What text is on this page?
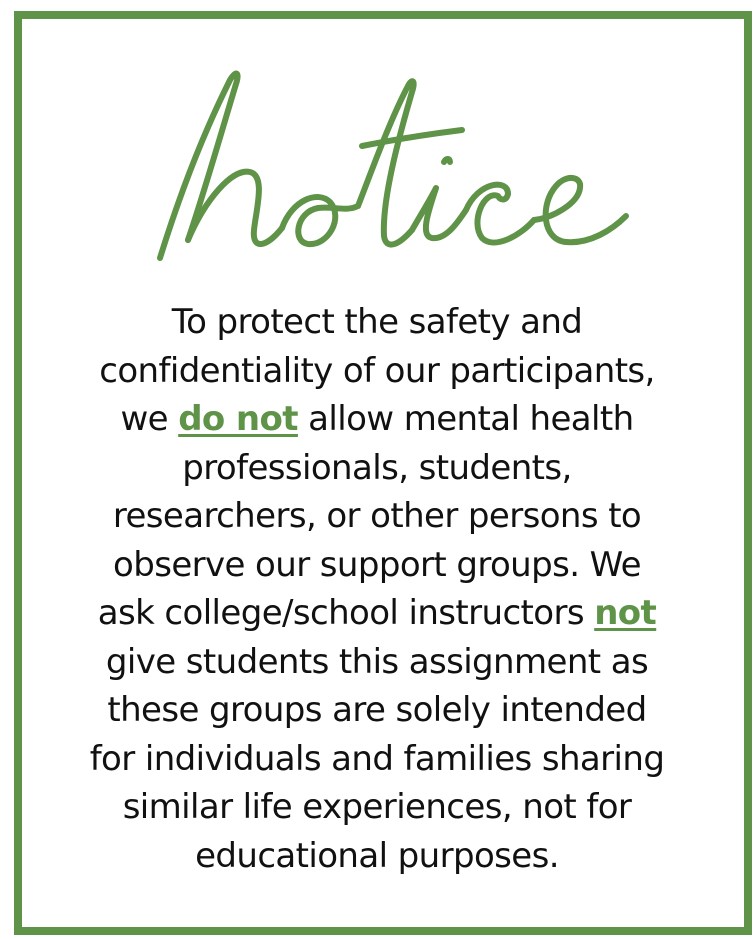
To protect the safety and
confidentiality of our participants,
we do not allow mental health
professionals, students,
researchers, or other persons to
observe our support groups. We
ask college/school instructors not
give students this assignment as
these groups are solely intended
for individuals and families sharing
similar life experiences, not for
educational purposes.
